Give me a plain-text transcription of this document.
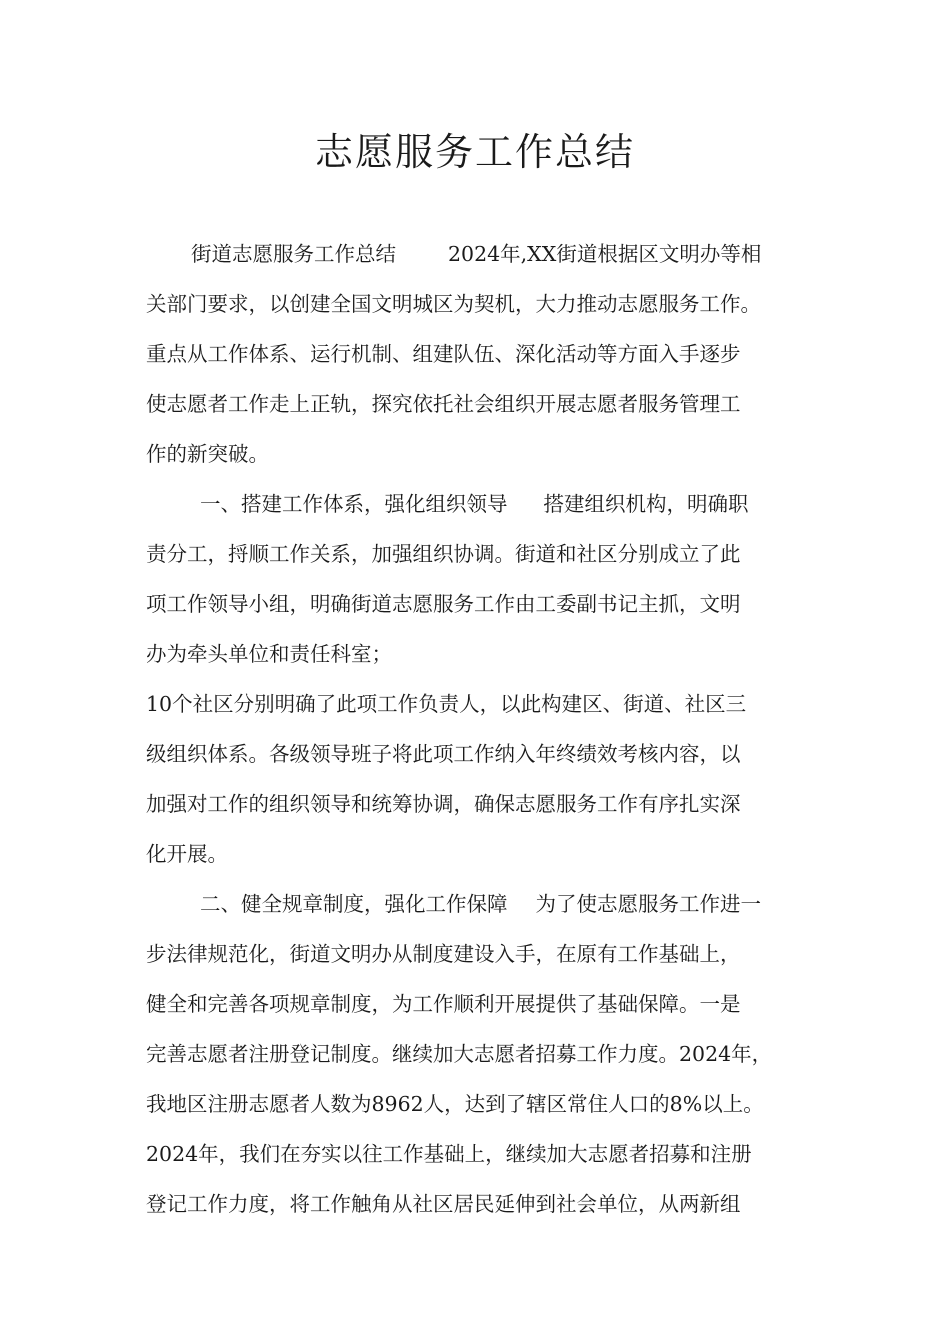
志愿服务工作总结
街道志愿服务工作总结	2024年,XX街道根据区文明办等相
关部门要求，以创建全国文明城区为契机，大力推动志愿服务工作。
重点从工作体系、运行机制、组建队伍、深化活动等方面入手逐步
使志愿者工作走上正轨，探究依托社会组织开展志愿者服务管理工
作的新突破。
一、搭建工作体系，强化组织领导 搭建组织机构，明确职
责分工，捋顺工作关系，加强组织协调。街道和社区分别成立了此
项工作领导小组，明确街道志愿服务工作由工委副书记主抓，文明
办为牵头单位和责任科室；
10个社区分别明确了此项工作负责人，以此构建区、街道、社区三
级组织体系。各级领导班子将此项工作纳入年终绩效考核内容，以
加强对工作的组织领导和统筹协调，确保志愿服务工作有序扎实深
化开展。
二、健全规章制度，强化工作保障 为了使志愿服务工作进一
步法律规范化，街道文明办从制度建设入手，在原有工作基础上，
健全和完善各项规章制度，为工作顺利开展提供了基础保障。一是
完善志愿者注册登记制度。继续加大志愿者招募工作力度。2024年，
我地区注册志愿者人数为8962人，达到了辖区常住人口的8%以上。
2024年，我们在夯实以往工作基础上，继续加大志愿者招募和注册
登记工作力度，将工作触角从社区居民延伸到社会单位，从两新组
